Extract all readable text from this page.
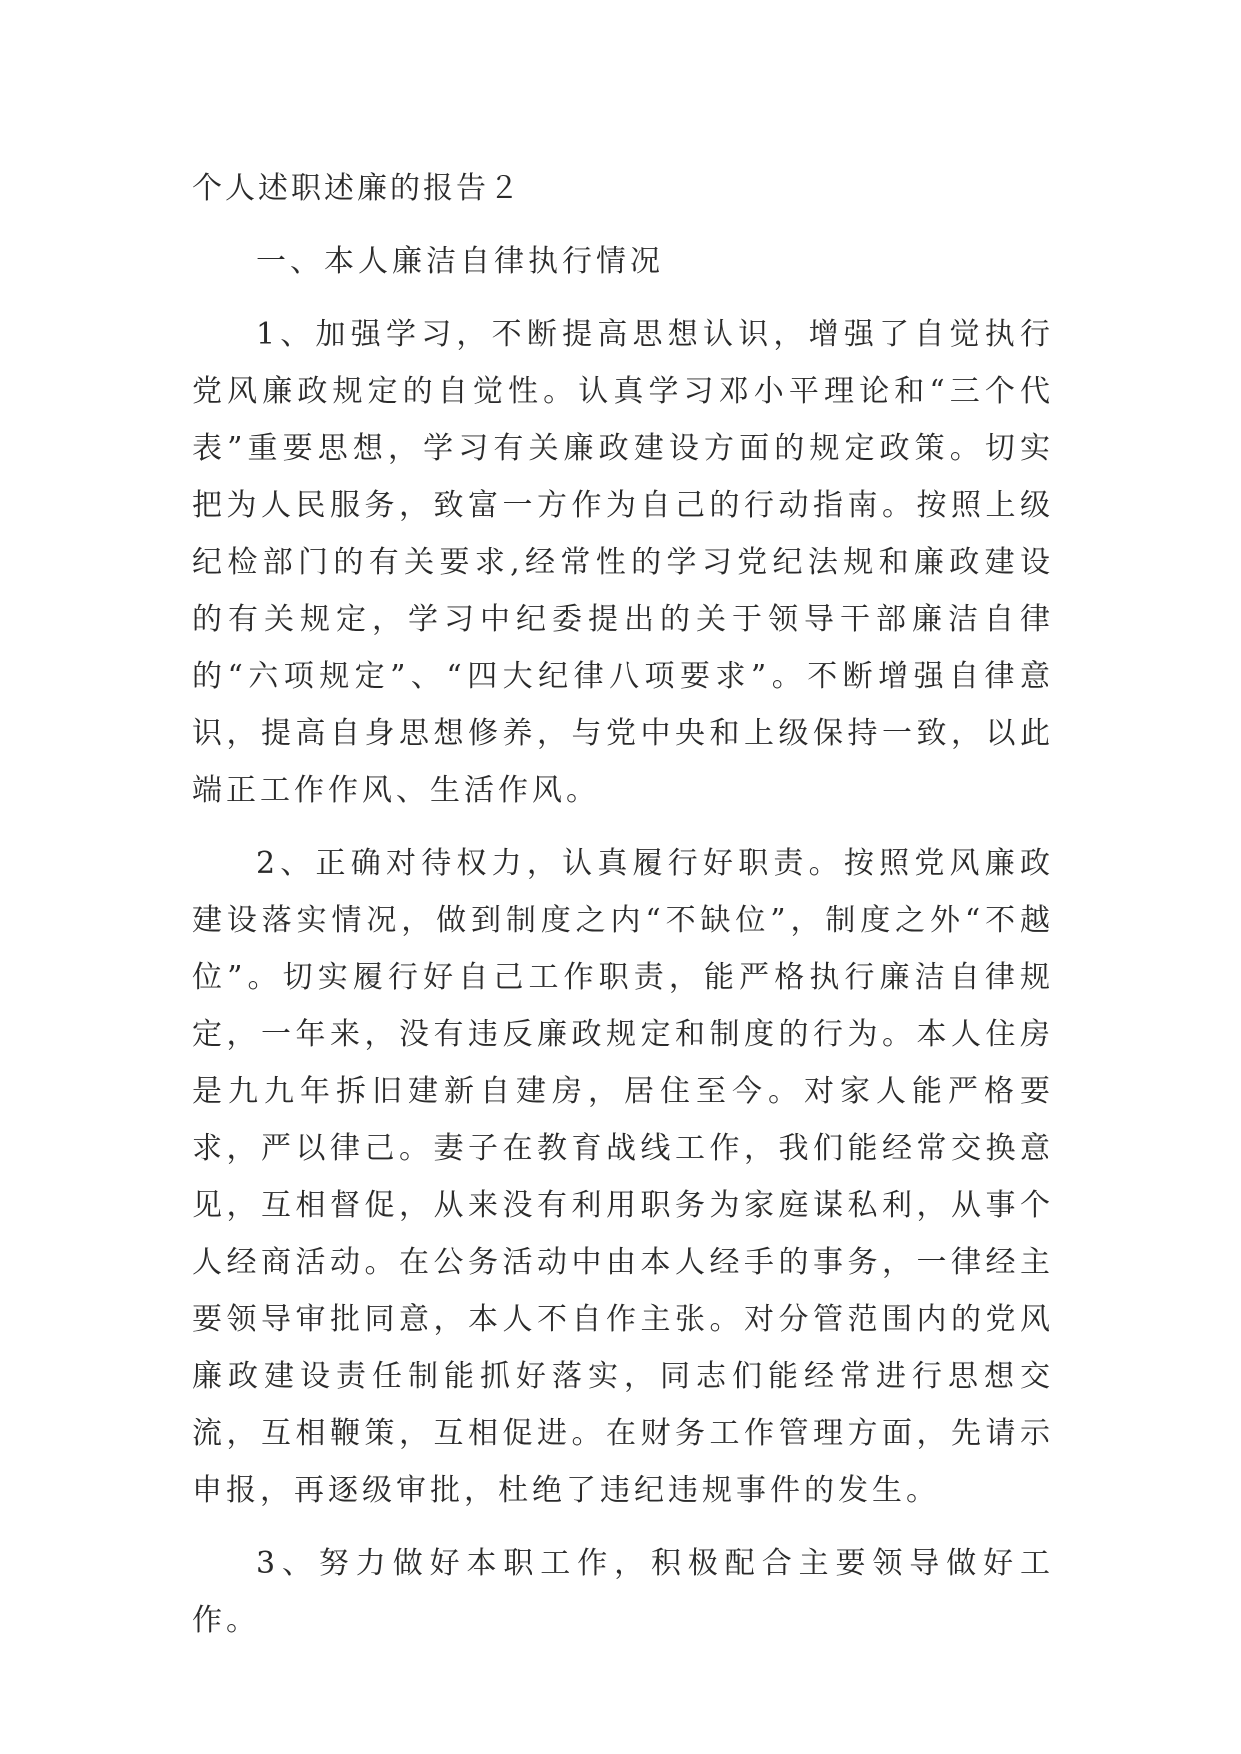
个人述职述廉的报告２

一、本人廉洁自律执行情况

1、加强学习，不断提高思想认识，增强了自觉执行党风廉政规定的自觉性。认真学习邓小平理论和“三个代表”重要思想，学习有关廉政建设方面的规定政策。切实把为人民服务，致富一方作为自己的行动指南。按照上级纪检部门的有关要求,经常性的学习党纪法规和廉政建设的有关规定，学习中纪委提出的关于领导干部廉洁自律的“六项规定”、“四大纪律八项要求”。不断增强自律意识，提高自身思想修养，与党中央和上级保持一致，以此端正工作作风、生活作风。

2、正确对待权力，认真履行好职责。按照党风廉政建设落实情况，做到制度之内“不缺位”，制度之外“不越位”。切实履行好自己工作职责，能严格执行廉洁自律规定，一年来，没有违反廉政规定和制度的行为。本人住房是九九年拆旧建新自建房，居住至今。对家人能严格要求，严以律己。妻子在教育战线工作，我们能经常交换意见，互相督促，从来没有利用职务为家庭谋私利，从事个人经商活动。在公务活动中由本人经手的事务，一律经主要领导审批同意，本人不自作主张。对分管范围内的党风廉政建设责任制能抓好落实，同志们能经常进行思想交流，互相鞭策，互相促进。在财务工作管理方面，先请示申报，再逐级审批，杜绝了违纪违规事件的发生。

3、努力做好本职工作，积极配合主要领导做好工作。
